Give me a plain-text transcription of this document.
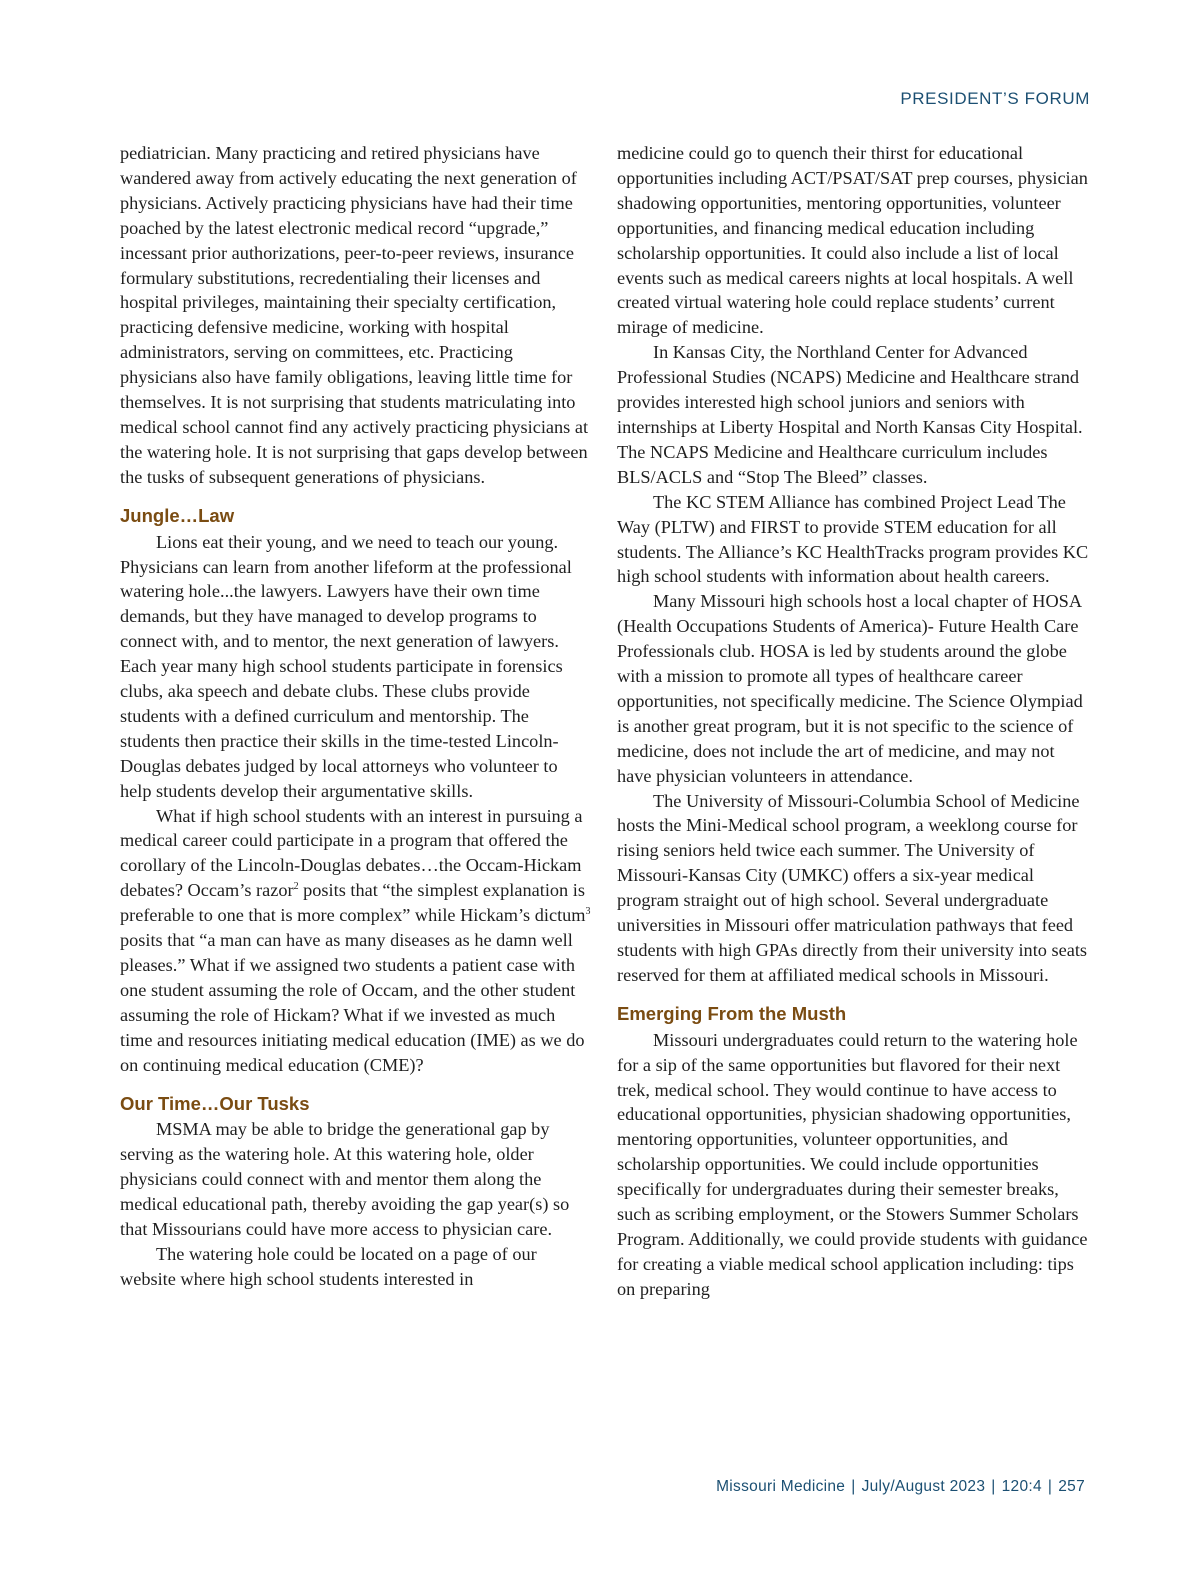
PRESIDENT’S FORUM

pediatrician. Many practicing and retired physicians have wandered away from actively educating the next generation of physicians. Actively practicing physicians have had their time poached by the latest electronic medical record “upgrade,” incessant prior authorizations, peer-to-peer reviews, insurance formulary substitutions, recredentialing their licenses and hospital privileges, maintaining their specialty certification, practicing defensive medicine, working with hospital administrators, serving on committees, etc. Practicing physicians also have family obligations, leaving little time for themselves. It is not surprising that students matriculating into medical school cannot find any actively practicing physicians at the watering hole. It is not surprising that gaps develop between the tusks of subsequent generations of physicians.

Jungle…Law

Lions eat their young, and we need to teach our young. Physicians can learn from another lifeform at the professional watering hole...the lawyers. Lawyers have their own time demands, but they have managed to develop programs to connect with, and to mentor, the next generation of lawyers. Each year many high school students participate in forensics clubs, aka speech and debate clubs. These clubs provide students with a defined curriculum and mentorship. The students then practice their skills in the time-tested Lincoln-Douglas debates judged by local attorneys who volunteer to help students develop their argumentative skills.

What if high school students with an interest in pursuing a medical career could participate in a program that offered the corollary of the Lincoln-Douglas debates…the Occam-Hickam debates? Occam’s razor$^2$ posits that “the simplest explanation is preferable to one that is more complex” while Hickam’s dictum$^3$ posits that “a man can have as many diseases as he damn well pleases.” What if we assigned two students a patient case with one student assuming the role of Occam, and the other student assuming the role of Hickam? What if we invested as much time and resources initiating medical education (IME) as we do on continuing medical education (CME)?

Our Time…Our Tusks

MSMA may be able to bridge the generational gap by serving as the watering hole. At this watering hole, older physicians could connect with and mentor them along the medical educational path, thereby avoiding the gap year(s) so that Missourians could have more access to physician care.

The watering hole could be located on a page of our website where high school students interested in

medicine could go to quench their thirst for educational opportunities including ACT/PSAT/SAT prep courses, physician shadowing opportunities, mentoring opportunities, volunteer opportunities, and financing medical education including scholarship opportunities. It could also include a list of local events such as medical careers nights at local hospitals. A well created virtual watering hole could replace students’ current mirage of medicine.

In Kansas City, the Northland Center for Advanced Professional Studies (NCAPS) Medicine and Healthcare strand provides interested high school juniors and seniors with internships at Liberty Hospital and North Kansas City Hospital. The NCAPS Medicine and Healthcare curriculum includes BLS/ACLS and “Stop The Bleed” classes.

The KC STEM Alliance has combined Project Lead The Way (PLTW) and FIRST to provide STEM education for all students. The Alliance’s KC HealthTracks program provides KC high school students with information about health careers.

Many Missouri high schools host a local chapter of HOSA (Health Occupations Students of America)- Future Health Care Professionals club. HOSA is led by students around the globe with a mission to promote all types of healthcare career opportunities, not specifically medicine. The Science Olympiad is another great program, but it is not specific to the science of medicine, does not include the art of medicine, and may not have physician volunteers in attendance.

The University of Missouri-Columbia School of Medicine hosts the Mini-Medical school program, a weeklong course for rising seniors held twice each summer. The University of Missouri-Kansas City (UMKC) offers a six-year medical program straight out of high school. Several undergraduate universities in Missouri offer matriculation pathways that feed students with high GPAs directly from their university into seats reserved for them at affiliated medical schools in Missouri.

Emerging From the Musth

Missouri undergraduates could return to the watering hole for a sip of the same opportunities but flavored for their next trek, medical school. They would continue to have access to educational opportunities, physician shadowing opportunities, mentoring opportunities, volunteer opportunities, and scholarship opportunities. We could include opportunities specifically for undergraduates during their semester breaks, such as scribing employment, or the Stowers Summer Scholars Program. Additionally, we could provide students with guidance for creating a viable medical school application including: tips on preparing

Missouri Medicine | July/August 2023 | 120:4 | 257
